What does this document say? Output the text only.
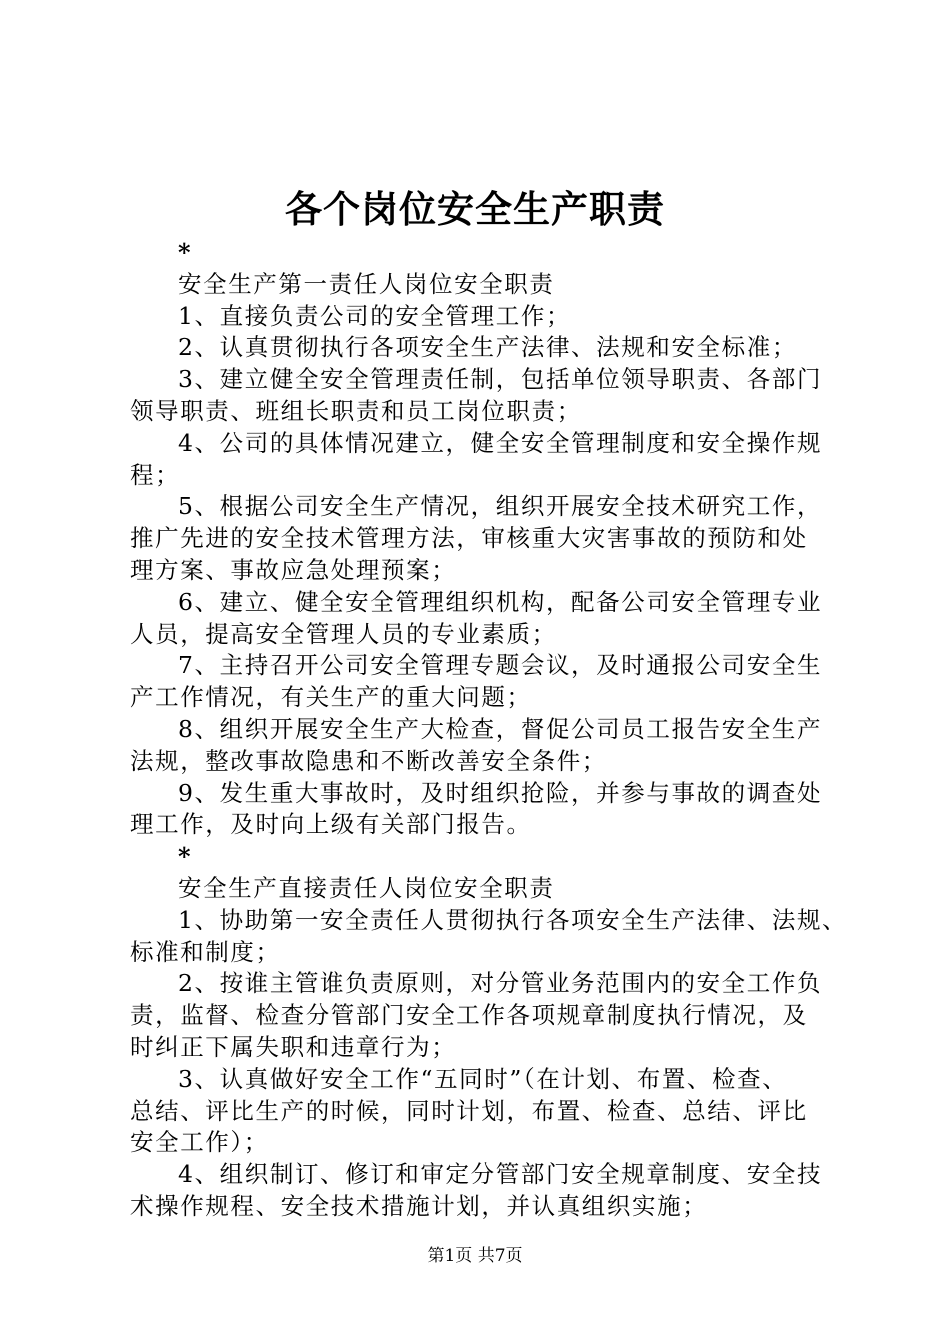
各个岗位安全生产职责
*
安全生产第一责任人岗位安全职责
1、直接负责公司的安全管理工作；
2、认真贯彻执行各项安全生产法律、法规和安全标准；
3、建立健全安全管理责任制，包括单位领导职责、各部门
领导职责、班组长职责和员工岗位职责；
4、公司的具体情况建立，健全安全管理制度和安全操作规
程；
5、根据公司安全生产情况，组织开展安全技术研究工作，
推广先进的安全技术管理方法，审核重大灾害事故的预防和处
理方案、事故应急处理预案；
6、建立、健全安全管理组织机构，配备公司安全管理专业
人员，提高安全管理人员的专业素质；
7、主持召开公司安全管理专题会议，及时通报公司安全生
产工作情况，有关生产的重大问题；
8、组织开展安全生产大检查，督促公司员工报告安全生产
法规，整改事故隐患和不断改善安全条件；
9、发生重大事故时，及时组织抢险，并参与事故的调查处
理工作，及时向上级有关部门报告。
*
安全生产直接责任人岗位安全职责
1、协助第一安全责任人贯彻执行各项安全生产法律、法规、
标准和制度；
2、按谁主管谁负责原则，对分管业务范围内的安全工作负
责，监督、检查分管部门安全工作各项规章制度执行情况，及
时纠正下属失职和违章行为；
3、认真做好安全工作“五同时”（在计划、布置、检查、
总结、评比生产的时候，同时计划，布置、检查、总结、评比
安全工作）；
4、组织制订、修订和审定分管部门安全规章制度、安全技
术操作规程、安全技术措施计划，并认真组织实施；
第1页 共7页
